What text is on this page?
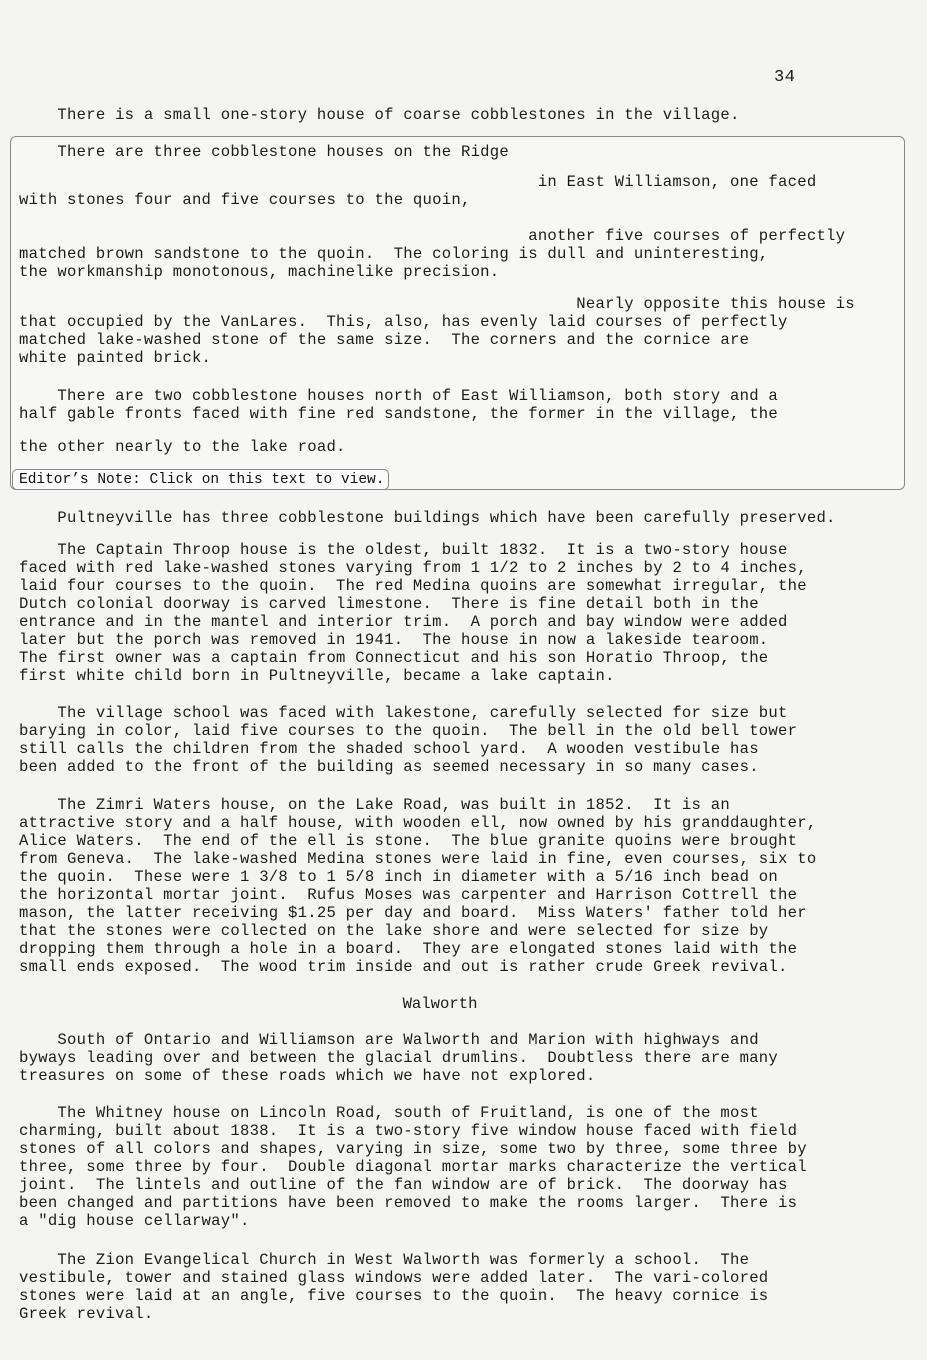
34
There is a small one-story house of coarse cobblestones in the village.
There are three cobblestone houses on the Ridge
in East Williamson, one faced
with stones four and five courses to the quoin,
another five courses of perfectly
matched brown sandstone to the quoin.  The coloring is dull and uninteresting,
the workmanship monotonous, machinelike precision.
Nearly opposite this house is
that occupied by the VanLares.  This, also, has evenly laid courses of perfectly
matched lake-washed stone of the same size.  The corners and the cornice are
white painted brick.
There are two cobblestone houses north of East Williamson, both story and a
half gable fronts faced with fine red sandstone, the former in the village, the
the other nearly to the lake road.
Editor’s Note: Click on this text to view.
Pultneyville has three cobblestone buildings which have been carefully preserved.
The Captain Throop house is the oldest, built 1832.  It is a two-story house
faced with red lake-washed stones varying from 1 1/2 to 2 inches by 2 to 4 inches,
laid four courses to the quoin.  The red Medina quoins are somewhat irregular, the
Dutch colonial doorway is carved limestone.  There is fine detail both in the
entrance and in the mantel and interior trim.  A porch and bay window were added
later but the porch was removed in 1941.  The house in now a lakeside tearoom.
The first owner was a captain from Connecticut and his son Horatio Throop, the
first white child born in Pultneyville, became a lake captain.
The village school was faced with lakestone, carefully selected for size but
barying in color, laid five courses to the quoin.  The bell in the old bell tower
still calls the children from the shaded school yard.  A wooden vestibule has
been added to the front of the building as seemed necessary in so many cases.
The Zimri Waters house, on the Lake Road, was built in 1852.  It is an
attractive story and a half house, with wooden ell, now owned by his granddaughter,
Alice Waters.  The end of the ell is stone.  The blue granite quoins were brought
from Geneva.  The lake-washed Medina stones were laid in fine, even courses, six to
the quoin.  These were 1 3/8 to 1 5/8 inch in diameter with a 5/16 inch bead on
the horizontal mortar joint.  Rufus Moses was carpenter and Harrison Cottrell the
mason, the latter receiving $1.25 per day and board.  Miss Waters' father told her
that the stones were collected on the lake shore and were selected for size by
dropping them through a hole in a board.  They are elongated stones laid with the
small ends exposed.  The wood trim inside and out is rather crude Greek revival.
South of Ontario and Williamson are Walworth and Marion with highways and
byways leading over and between the glacial drumlins.  Doubtless there are many
treasures on some of these roads which we have not explored.
The Whitney house on Lincoln Road, south of Fruitland, is one of the most
charming, built about 1838.  It is a two-story five window house faced with field
stones of all colors and shapes, varying in size, some two by three, some three by
three, some three by four.  Double diagonal mortar marks characterize the vertical
joint.  The lintels and outline of the fan window are of brick.  The doorway has
been changed and partitions have been removed to make the rooms larger.  There is
a "dig house cellarway".
The Zion Evangelical Church in West Walworth was formerly a school.  The
vestibule, tower and stained glass windows were added later.  The vari-colored
stones were laid at an angle, five courses to the quoin.  The heavy cornice is
Greek revival.
Walworth
